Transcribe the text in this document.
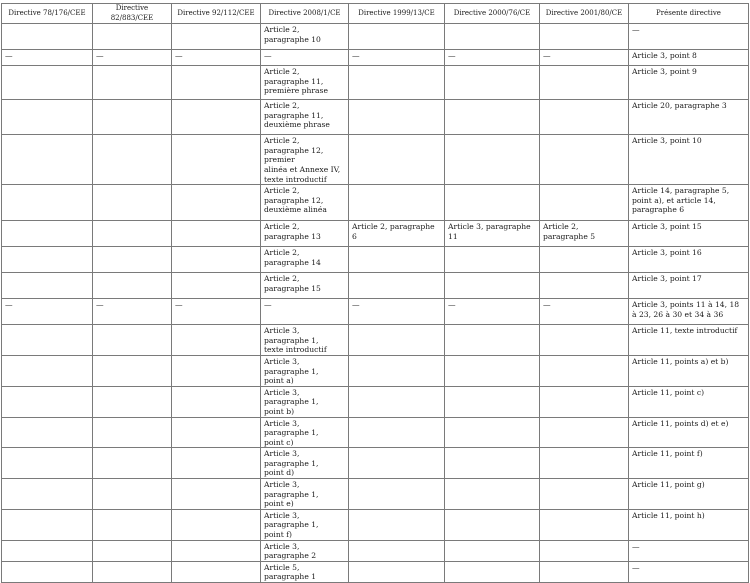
Directive 78/176/CEE	Directive 82/883/CEE	Directive 92/112/CEE	Directive 2008/1/CE	Directive 1999/13/CE	Directive 2000/76/CE	Directive 2001/80/CE	Présente directive

			Article 2,
paragraphe 10				—

—	—	—	—	—	—	—	Article 3, point 8

			Article 2,
paragraphe 11,
première phrase				Article 3, point 9

			Article 2,
paragraphe 11,
deuxième phrase				Article 20, paragraphe 3

			Article 2,
paragraphe 12, premier
alinéa et Annexe IV,
texte introductif				Article 3, point 10

			Article 2,
paragraphe 12,
deuxième alinéa				Article 14, paragraphe 5,
point a), et article 14,
paragraphe 6

			Article 2,
paragraphe 13	Article 2, paragraphe 6	Article 3, paragraphe 11	Article 2, paragraphe 5	Article 3, point 15

			Article 2,
paragraphe 14				Article 3, point 16

			Article 2,
paragraphe 15				Article 3, point 17

—	—	—	—	—	—	—	Article 3, points 11 à 14, 18
à 23, 26 à 30 et 34 à 36

			Article 3, paragraphe 1,
texte introductif				Article 11, texte introductif

			Article 3, paragraphe 1,
point a)				Article 11, points a) et b)

			Article 3, paragraphe 1,
point b)				Article 11, point c)

			Article 3, paragraphe 1,
point c)				Article 11, points d) et e)

			Article 3, paragraphe 1,
point d)				Article 11, point f)

			Article 3, paragraphe 1,
point e)				Article 11, point g)

			Article 3, paragraphe 1,
point f)				Article 11, point h)

			Article 3, paragraphe 2				—

			Article 5, paragraphe 1				—
